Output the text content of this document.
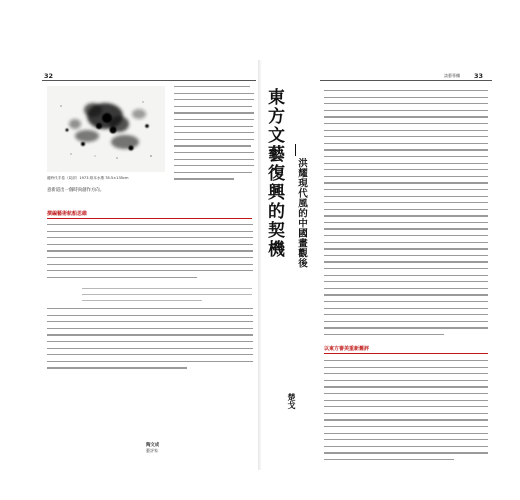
32
龍時代手卷（局部）1973 紙本水墨 78.5×135cm
意新道出一個時尚創作方向。
撰編藝術航船思維
陶文成
藝評家
東方文藝復興的契機	洪耀現代風的中國畫觀後
楚戈
談藝專欄 33
以東方審美重新舊評
